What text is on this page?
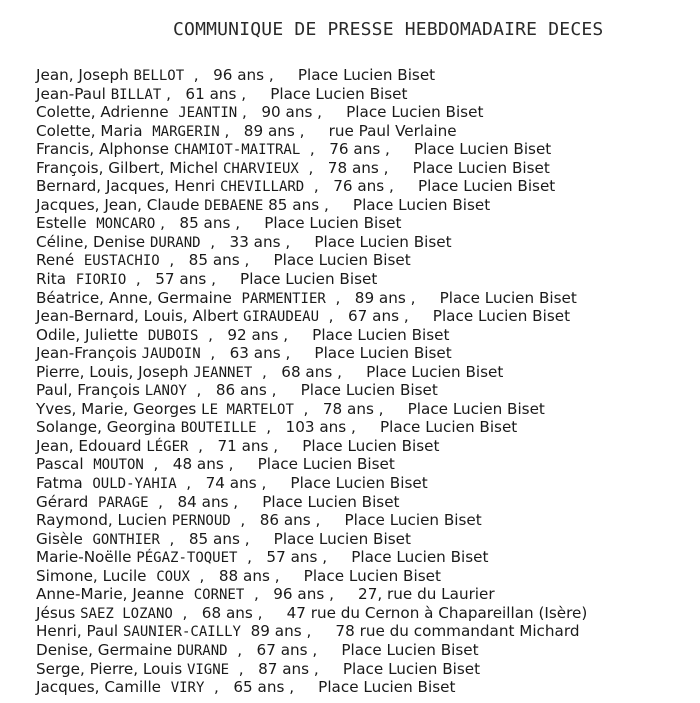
COMMUNIQUE DE PRESSE HEBDOMADAIRE DECES
Jean, Joseph BELLOT  ,   96 ans ,     Place Lucien Biset
Jean-Paul BILLAT ,   61 ans ,     Place Lucien Biset
Colette, Adrienne  JEANTIN ,   90 ans ,     Place Lucien Biset
Colette, Maria  MARGERIN ,   89 ans ,     rue Paul Verlaine
Francis, Alphonse CHAMIOT-MAITRAL  ,   76 ans ,     Place Lucien Biset
François, Gilbert, Michel CHARVIEUX  ,   78 ans ,     Place Lucien Biset
Bernard, Jacques, Henri CHEVILLARD  ,   76 ans ,     Place Lucien Biset
Jacques, Jean, Claude DEBAENE 85 ans ,     Place Lucien Biset
Estelle  MONCARO ,   85 ans ,     Place Lucien Biset
Céline, Denise DURAND  ,   33 ans ,     Place Lucien Biset
René  EUSTACHIO  ,   85 ans ,     Place Lucien Biset
Rita  FIORIO  ,   57 ans ,     Place Lucien Biset
Béatrice, Anne, Germaine  PARMENTIER  ,   89 ans ,     Place Lucien Biset
Jean-Bernard, Louis, Albert GIRAUDEAU  ,   67 ans ,     Place Lucien Biset
Odile, Juliette  DUBOIS  ,   92 ans ,     Place Lucien Biset
Jean-François JAUDOIN  ,   63 ans ,     Place Lucien Biset
Pierre, Louis, Joseph JEANNET  ,   68 ans ,     Place Lucien Biset
Paul, François LANOY  ,   86 ans ,     Place Lucien Biset
Yves, Marie, Georges LE MARTELOT  ,   78 ans ,     Place Lucien Biset
Solange, Georgina BOUTEILLE  ,   103 ans ,     Place Lucien Biset
Jean, Edouard LÉGER  ,   71 ans ,     Place Lucien Biset
Pascal  MOUTON  ,   48 ans ,     Place Lucien Biset
Fatma  OULD-YAHIA  ,   74 ans ,     Place Lucien Biset
Gérard  PARAGE  ,   84 ans ,     Place Lucien Biset
Raymond, Lucien PERNOUD  ,   86 ans ,     Place Lucien Biset
Gisèle  GONTHIER  ,   85 ans ,     Place Lucien Biset
Marie-Noëlle PÉGAZ-TOQUET  ,   57 ans ,     Place Lucien Biset
Simone, Lucile  COUX  ,   88 ans ,     Place Lucien Biset
Anne-Marie, Jeanne  CORNET  ,   96 ans ,     27, rue du Laurier
Jésus SAEZ LOZANO  ,   68 ans ,     47 rue du Cernon à Chapareillan (Isère)
Henri, Paul SAUNIER-CAILLY  89 ans ,     78 rue du commandant Michard
Denise, Germaine DURAND  ,   67 ans ,     Place Lucien Biset
Serge, Pierre, Louis VIGNE  ,   87 ans ,     Place Lucien Biset
Jacques, Camille  VIRY  ,   65 ans ,     Place Lucien Biset
